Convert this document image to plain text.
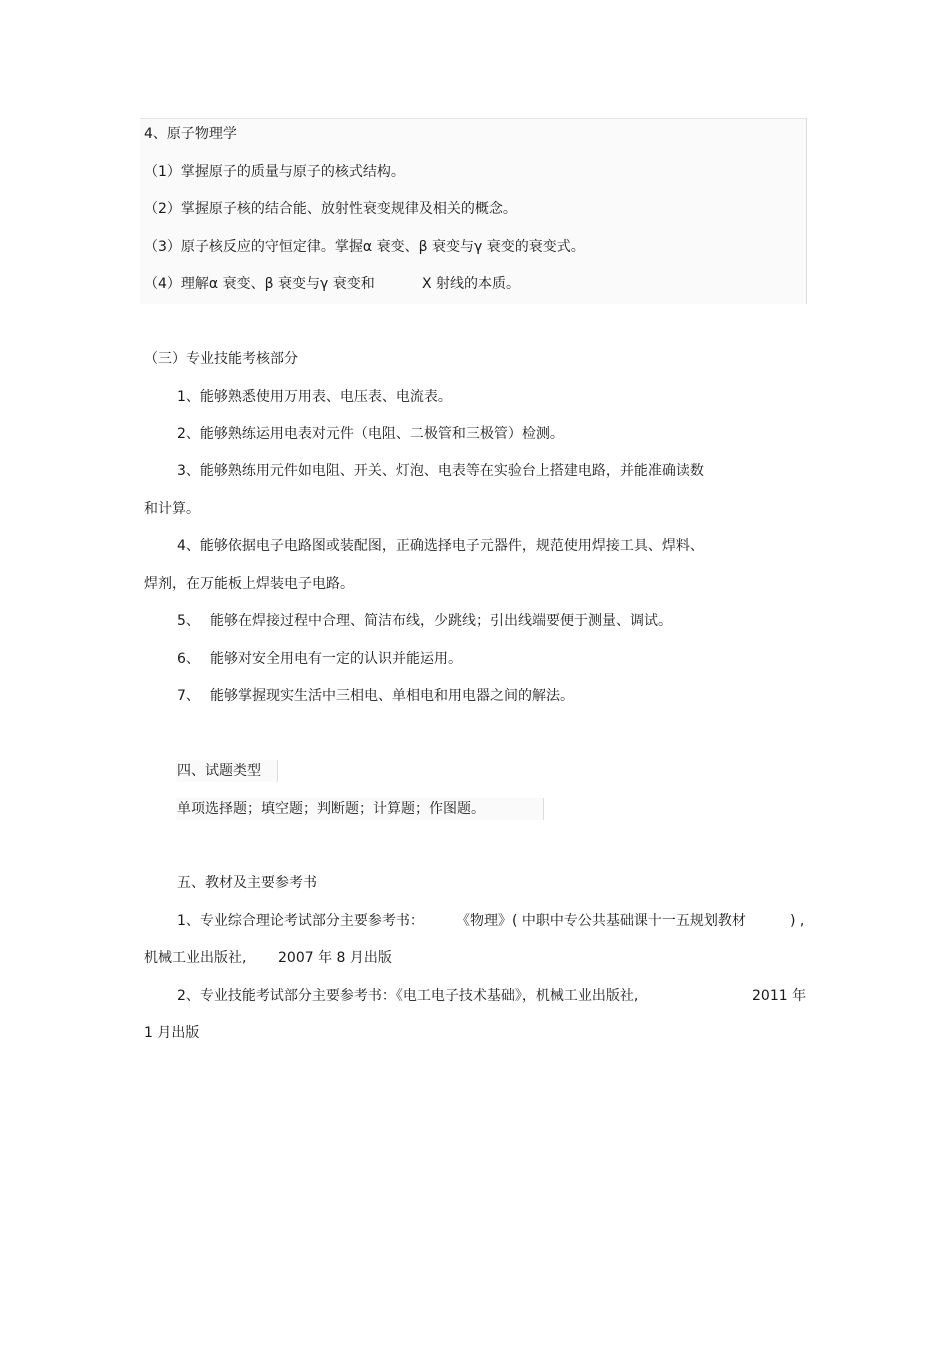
4、原子物理学
（1）掌握原子的质量与原子的核式结构。
（2）掌握原子核的结合能、放射性衰变规律及相关的概念。
（3）原子核反应的守恒定律。掌握α 衰变、β 衰变与γ 衰变的衰变式。
（4）理解α 衰变、β 衰变与γ 衰变和	X 射线的本质。
（三）专业技能考核部分
1、能够熟悉使用万用表、电压表、电流表。
2、能够熟练运用电表对元件（电阻、二极管和三极管）检测。
3、能够熟练用元件如电阻、开关、灯泡、电表等在实验台上搭建电路，并能准确读数
和计算。
4、能够依据电子电路图或装配图，正确选择电子元器件，规范使用焊接工具、焊料、
焊剂，在万能板上焊装电子电路。
5、 能够在焊接过程中合理、简洁布线，少跳线；引出线端要便于测量、调试。
6、 能够对安全用电有一定的认识并能运用。
7、 能够掌握现实生活中三相电、单相电和用电器之间的解法。
四、试题类型
单项选择题；填空题；判断题；计算题；作图题。
五、教材及主要参考书
1、专业综合理论考试部分主要参考书： 《物理》( 中职中专公共基础课十一五规划教材	) ,
机械工业出版社, 2007 年 8 月出版
2、专业技能考试部分主要参考书：《电工电子技术基础》，机械工业出版社,	2011 年
1 月出版
